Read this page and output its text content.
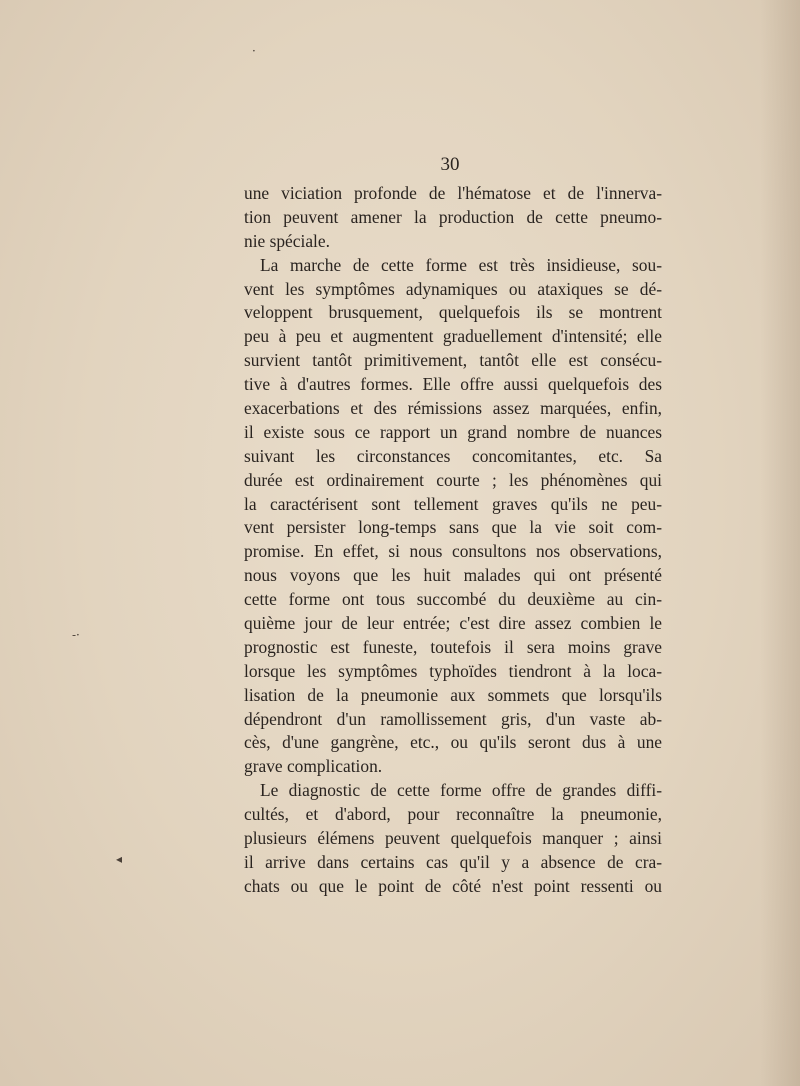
30
une viciation profonde de l'hématose et de l'innerva-
tion peuvent amener la production de cette pneumo-
nie spéciale.
La marche de cette forme est très insidieuse, sou-
vent les symptômes adynamiques ou ataxiques se dé-
veloppent brusquement, quelquefois ils se montrent
peu à peu et augmentent graduellement d'intensité; elle
survient tantôt primitivement, tantôt elle est consécu-
tive à d'autres formes. Elle offre aussi quelquefois des
exacerbations et des rémissions assez marquées, enfin,
il existe sous ce rapport un grand nombre de nuances
suivant les circonstances concomitantes, etc. Sa
durée est ordinairement courte ; les phénomènes qui
la caractérisent sont tellement graves qu'ils ne peu-
vent persister long-temps sans que la vie soit com-
promise. En effet, si nous consultons nos observations,
nous voyons que les huit malades qui ont présenté
cette forme ont tous succombé du deuxième au cin-
quième jour de leur entrée; c'est dire assez combien le
prognostic est funeste, toutefois il sera moins grave
lorsque les symptômes typhoïdes tiendront à la loca-
lisation de la pneumonie aux sommets que lorsqu'ils
dépendront d'un ramollissement gris, d'un vaste ab-
cès, d'une gangrène, etc., ou qu'ils seront dus à une
grave complication.
Le diagnostic de cette forme offre de grandes diffi-
cultés, et d'abord, pour reconnaître la pneumonie,
plusieurs élémens peuvent quelquefois manquer ; ainsi
il arrive dans certains cas qu'il y a absence de cra-
chats ou que le point de côté n'est point ressenti ou
·
-·
◂
